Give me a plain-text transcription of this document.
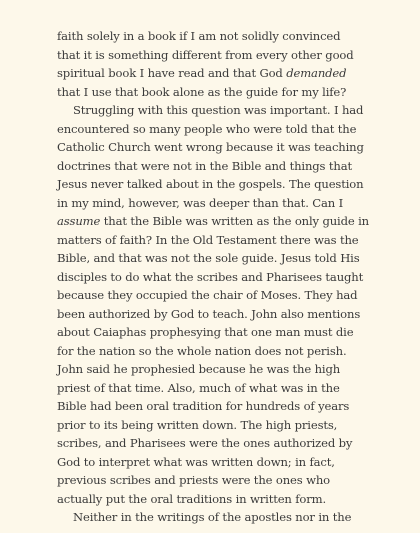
faith solely in a book if I am not solidly convinced
that it is something different from every other good
spiritual book I have read and that God demanded
that I use that book alone as the guide for my life?
Struggling with this question was important. I had
encountered so many people who were told that the
Catholic Church went wrong because it was teaching
doctrines that were not in the Bible and things that
Jesus never talked about in the gospels. The question
in my mind, however, was deeper than that. Can I
assume that the Bible was written as the only guide in
matters of faith? In the Old Testament there was the
Bible, and that was not the sole guide. Jesus told His
disciples to do what the scribes and Pharisees taught
because they occupied the chair of Moses. They had
been authorized by God to teach. John also mentions
about Caiaphas prophesying that one man must die
for the nation so the whole nation does not perish.
John said he prophesied because he was the high
priest of that time. Also, much of what was in the
Bible had been oral tradition for hundreds of years
prior to its being written down. The high priests,
scribes, and Pharisees were the ones authorized by
God to interpret what was written down; in fact,
previous scribes and priests were the ones who
actually put the oral traditions in written form.
Neither in the writings of the apostles nor in the
